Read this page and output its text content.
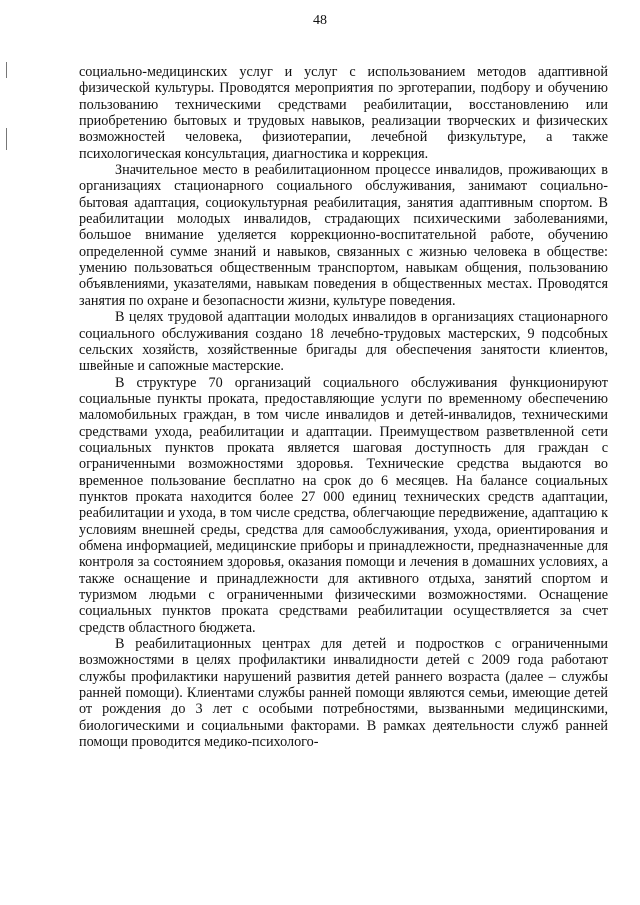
48

социально-медицинских услуг и услуг с использованием методов адаптивной физической культуры. Проводятся мероприятия по эрготерапии, подбору и обучению пользованию техническими средствами реабилитации, восстановлению или приобретению бытовых и трудовых навыков, реализации творческих и физических возможностей человека, физиотерапии, лечебной физкультуре, а также психологическая консультация, диагностика и коррекция.

Значительное место в реабилитационном процессе инвалидов, проживающих в организациях стационарного социального обслуживания, занимают социально-бытовая адаптация, социокультурная реабилитация, занятия адаптивным спортом. В реабилитации молодых инвалидов, страдающих психическими заболеваниями, большое внимание уделяется коррекционно-воспитательной работе, обучению определенной сумме знаний и навыков, связанных с жизнью человека в обществе: умению пользоваться общественным транспортом, навыкам общения, пользованию объявлениями, указателями, навыкам поведения в общественных местах. Проводятся занятия по охране и безопасности жизни, культуре поведения.

В целях трудовой адаптации молодых инвалидов в организациях стационарного социального обслуживания создано 18 лечебно-трудовых мастерских, 9 подсобных сельских хозяйств, хозяйственные бригады для обеспечения занятости клиентов, швейные и сапожные мастерские.

В структуре 70 организаций социального обслуживания функционируют социальные пункты проката, предоставляющие услуги по временному обеспечению маломобильных граждан, в том числе инвалидов и детей-инвалидов, техническими средствами ухода, реабилитации и адаптации. Преимуществом разветвленной сети социальных пунктов проката является шаговая доступность для граждан с ограниченными возможностями здоровья. Технические средства выдаются во временное пользование бесплатно на срок до 6 месяцев. На балансе социальных пунктов проката находится более 27 000 единиц технических средств адаптации, реабилитации и ухода, в том числе средства, облегчающие передвижение, адаптацию к условиям внешней среды, средства для самообслуживания, ухода, ориентирования и обмена информацией, медицинские приборы и принадлежности, предназначенные для контроля за состоянием здоровья, оказания помощи и лечения в домашних условиях, а также оснащение и принадлежности для активного отдыха, занятий спортом и туризмом людьми с ограниченными физическими возможностями. Оснащение социальных пунктов проката средствами реабилитации осуществляется за счет средств областного бюджета.

В реабилитационных центрах для детей и подростков с ограниченными возможностями в целях профилактики инвалидности детей с 2009 года работают службы профилактики нарушений развития детей раннего возраста (далее – службы ранней помощи). Клиентами службы ранней помощи являются семьи, имеющие детей от рождения до 3 лет с особыми потребностями, вызванными медицинскими, биологическими и социальными факторами. В рамках деятельности служб ранней помощи проводится медико-психолого-
